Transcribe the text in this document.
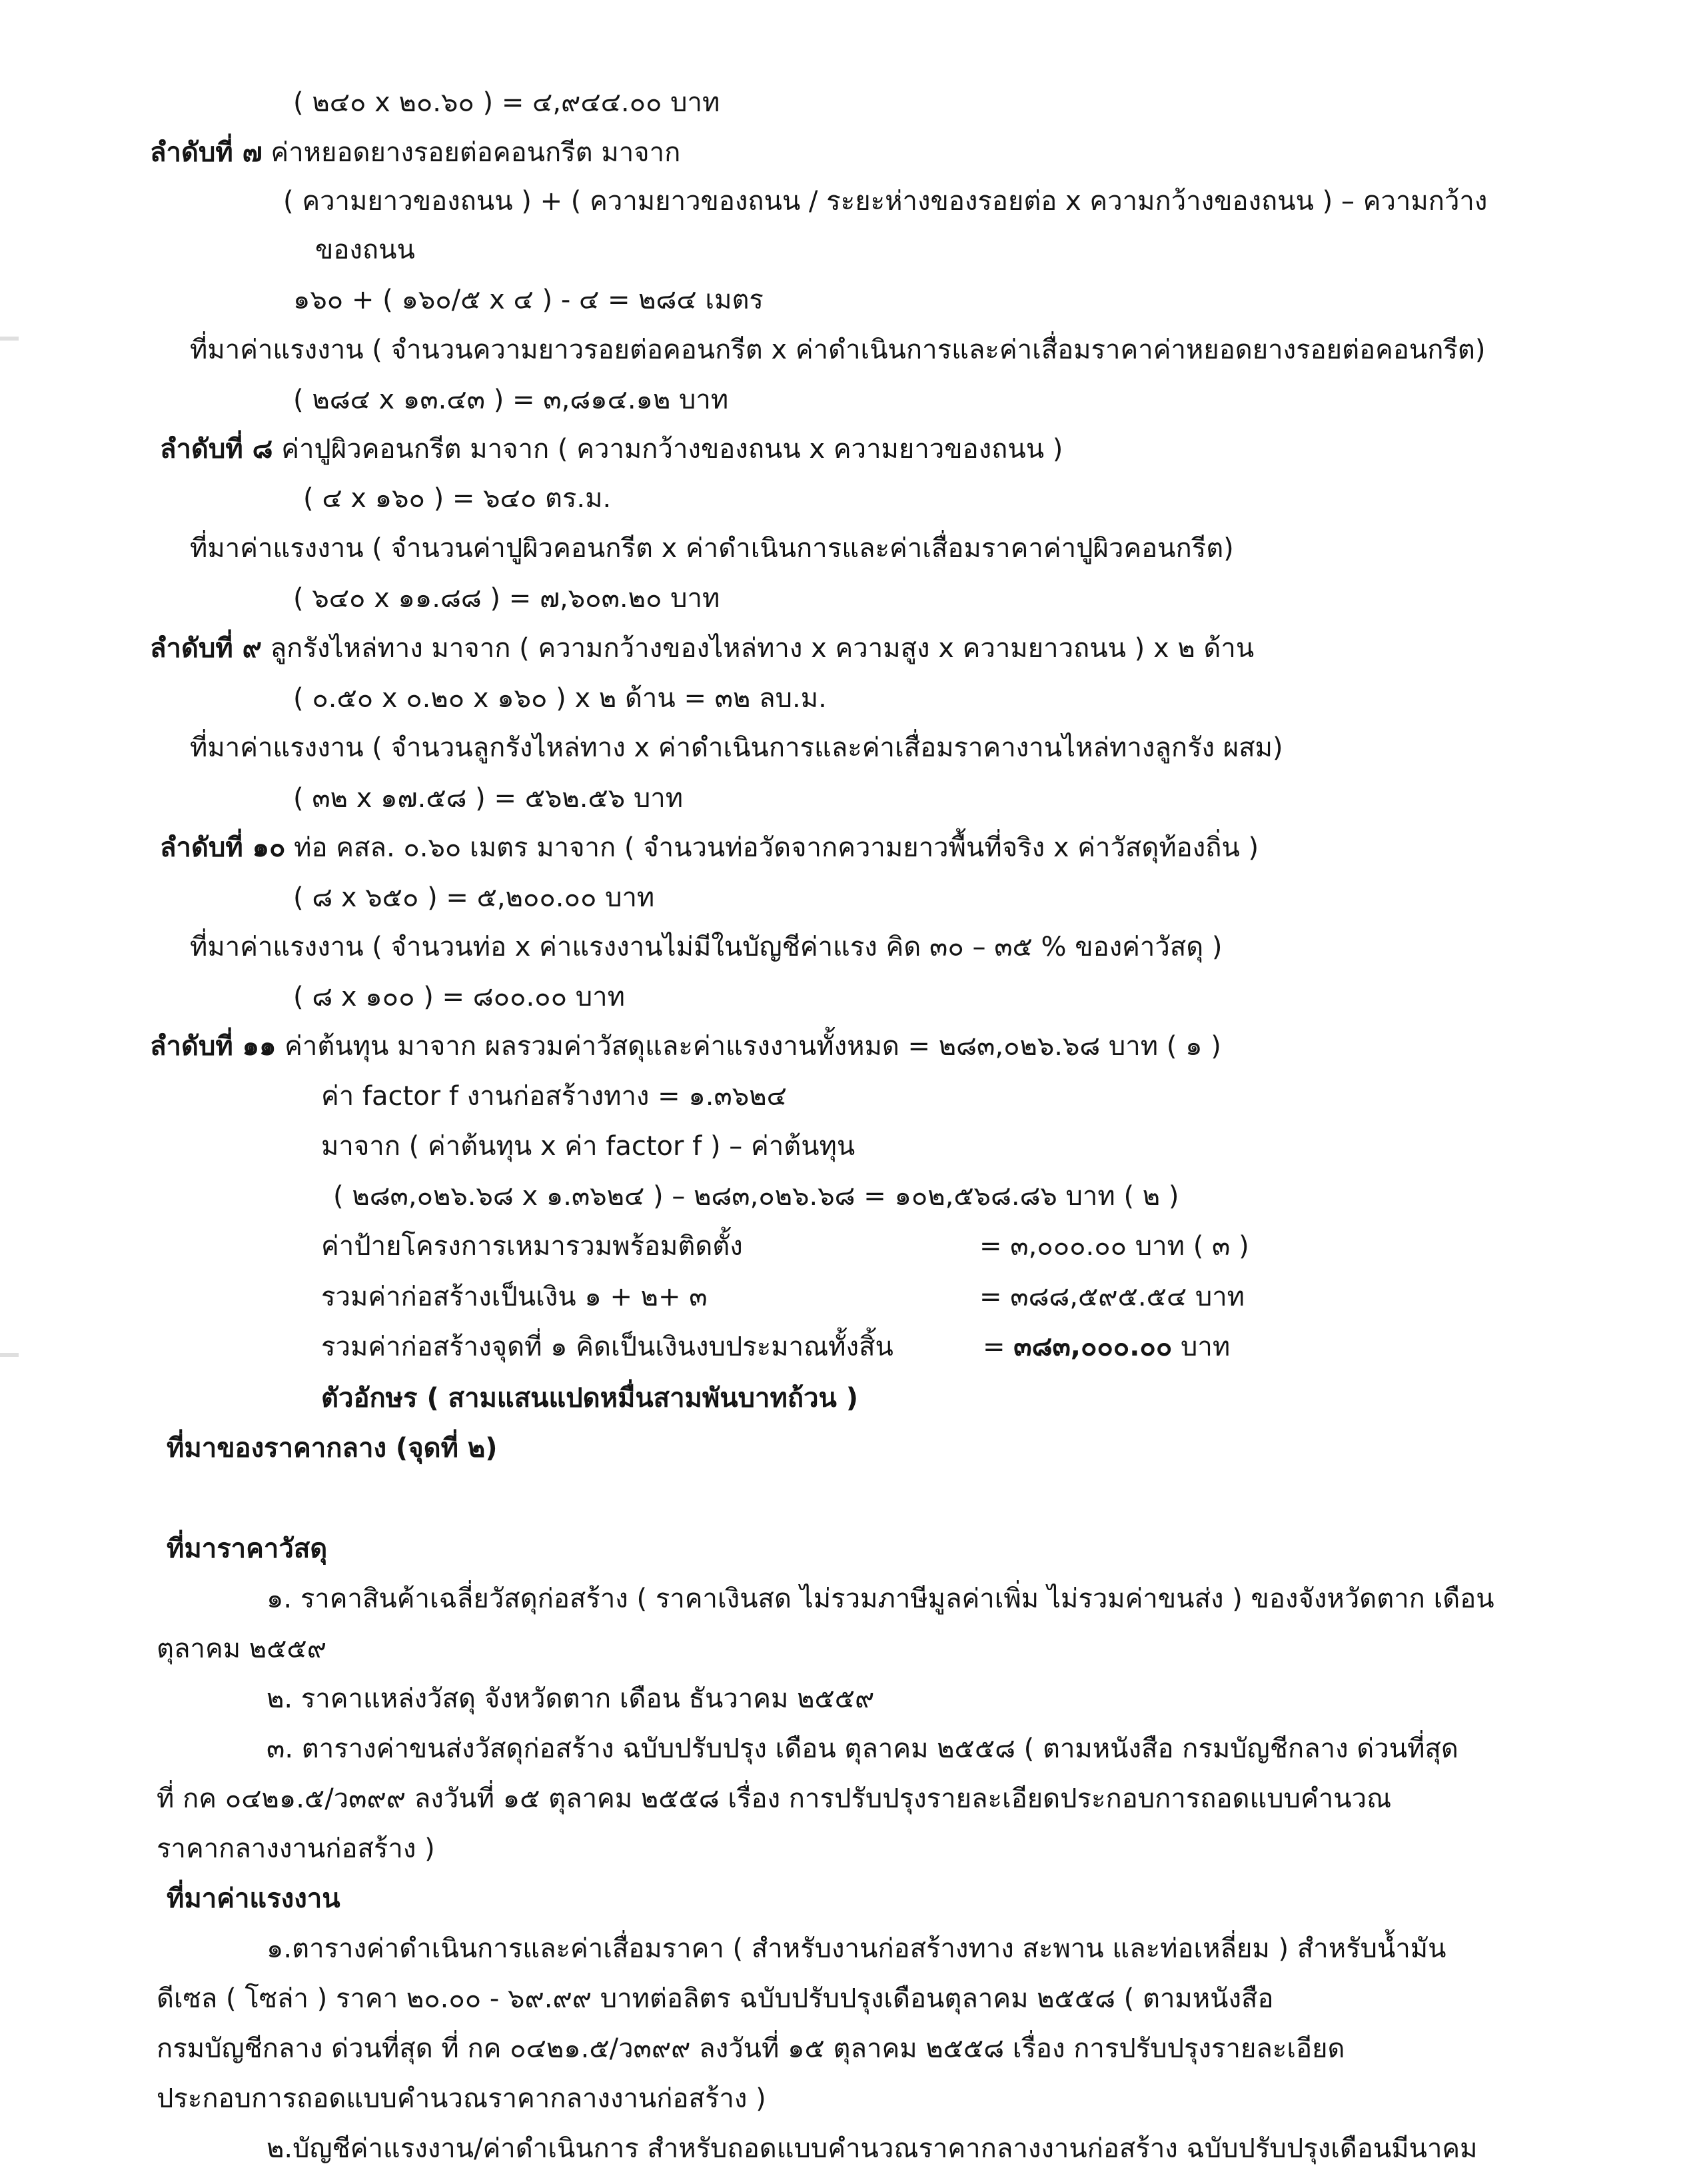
( ๒๔๐ x ๒๐.๖๐ ) = ๔,๙๔๔.๐๐ บาท
ลำดับที่ ๗ ค่าหยอดยางรอยต่อคอนกรีต มาจาก
( ความยาวของถนน ) + ( ความยาวของถนน / ระยะห่างของรอยต่อ x ความกว้างของถนน ) – ความกว้าง
ของถนน
๑๖๐ + ( ๑๖๐/๕ x ๔ ) - ๔ = ๒๘๔ เมตร
ที่มาค่าแรงงาน ( จำนวนความยาวรอยต่อคอนกรีต x ค่าดำเนินการและค่าเสื่อมราคาค่าหยอดยางรอยต่อคอนกรีต)
( ๒๘๔ x ๑๓.๔๓ ) = ๓,๘๑๔.๑๒ บาท
ลำดับที่ ๘ ค่าปูผิวคอนกรีต มาจาก ( ความกว้างของถนน x ความยาวของถนน )
( ๔ x ๑๖๐ ) = ๖๔๐ ตร.ม.
ที่มาค่าแรงงาน ( จำนวนค่าปูผิวคอนกรีต x ค่าดำเนินการและค่าเสื่อมราคาค่าปูผิวคอนกรีต)
( ๖๔๐ x ๑๑.๘๘ ) = ๗,๖๐๓.๒๐ บาท
ลำดับที่ ๙ ลูกรังไหล่ทาง มาจาก ( ความกว้างของไหล่ทาง x ความสูง x ความยาวถนน ) x ๒ ด้าน
( ๐.๕๐ x ๐.๒๐ x ๑๖๐ ) x ๒ ด้าน = ๓๒ ลบ.ม.
ที่มาค่าแรงงาน ( จำนวนลูกรังไหล่ทาง x ค่าดำเนินการและค่าเสื่อมราคางานไหล่ทางลูกรัง ผสม)
( ๓๒ x ๑๗.๕๘ ) = ๕๖๒.๕๖ บาท
ลำดับที่ ๑๐ ท่อ คสล. ๐.๖๐ เมตร มาจาก ( จำนวนท่อวัดจากความยาวพื้นที่จริง x ค่าวัสดุท้องถิ่น )
( ๘ x ๖๕๐ ) = ๕,๒๐๐.๐๐ บาท
ที่มาค่าแรงงาน ( จำนวนท่อ x ค่าแรงงานไม่มีในบัญชีค่าแรง คิด ๓๐ – ๓๕ % ของค่าวัสดุ )
( ๘ x ๑๐๐ ) = ๘๐๐.๐๐ บาท
ลำดับที่ ๑๑ ค่าต้นทุน มาจาก ผลรวมค่าวัสดุและค่าแรงงานทั้งหมด = ๒๘๓,๐๒๖.๖๘ บาท ( ๑ )
ค่า factor f งานก่อสร้างทาง = ๑.๓๖๒๔
มาจาก ( ค่าต้นทุน x ค่า factor f ) – ค่าต้นทุน
( ๒๘๓,๐๒๖.๖๘ x ๑.๓๖๒๔ ) – ๒๘๓,๐๒๖.๖๘ = ๑๐๒,๕๖๘.๘๖ บาท ( ๒ )
ค่าป้ายโครงการเหมารวมพร้อมติดตั้ง	= ๓,๐๐๐.๐๐ บาท ( ๓ )
รวมค่าก่อสร้างเป็นเงิน ๑ + ๒+ ๓	= ๓๘๘,๕๙๕.๕๔ บาท
รวมค่าก่อสร้างจุดที่ ๑ คิดเป็นเงินงบประมาณทั้งสิ้น	= ๓๘๓,๐๐๐.๐๐ บาท
ตัวอักษร ( สามแสนแปดหมื่นสามพันบาทถ้วน )
ที่มาของราคากลาง (จุดที่ ๒)
ที่มาราคาวัสดุ
๑. ราคาสินค้าเฉลี่ยวัสดุก่อสร้าง ( ราคาเงินสด ไม่รวมภาษีมูลค่าเพิ่ม ไม่รวมค่าขนส่ง ) ของจังหวัดตาก เดือน
ตุลาคม ๒๕๕๙
๒. ราคาแหล่งวัสดุ จังหวัดตาก เดือน ธันวาคม ๒๕๕๙
๓. ตารางค่าขนส่งวัสดุก่อสร้าง ฉบับปรับปรุง เดือน ตุลาคม ๒๕๕๘ ( ตามหนังสือ กรมบัญชีกลาง ด่วนที่สุด
ที่ กค ๐๔๒๑.๕/ว๓๙๙ ลงวันที่ ๑๕ ตุลาคม ๒๕๕๘ เรื่อง การปรับปรุงรายละเอียดประกอบการถอดแบบคำนวณ
ราคากลางงานก่อสร้าง )
ที่มาค่าแรงงาน
๑.ตารางค่าดำเนินการและค่าเสื่อมราคา ( สำหรับงานก่อสร้างทาง สะพาน และท่อเหลี่ยม ) สำหรับน้ำมัน
ดีเซล ( โซล่า ) ราคา ๒๐.๐๐ - ๖๙.๙๙ บาทต่อลิตร ฉบับปรับปรุงเดือนตุลาคม ๒๕๕๘ ( ตามหนังสือ
กรมบัญชีกลาง ด่วนที่สุด ที่ กค ๐๔๒๑.๕/ว๓๙๙ ลงวันที่ ๑๕ ตุลาคม ๒๕๕๘ เรื่อง การปรับปรุงรายละเอียด
ประกอบการถอดแบบคำนวณราคากลางงานก่อสร้าง )
๒.บัญชีค่าแรงงาน/ค่าดำเนินการ สำหรับถอดแบบคำนวณราคากลางงานก่อสร้าง ฉบับปรับปรุงเดือนมีนาคม
